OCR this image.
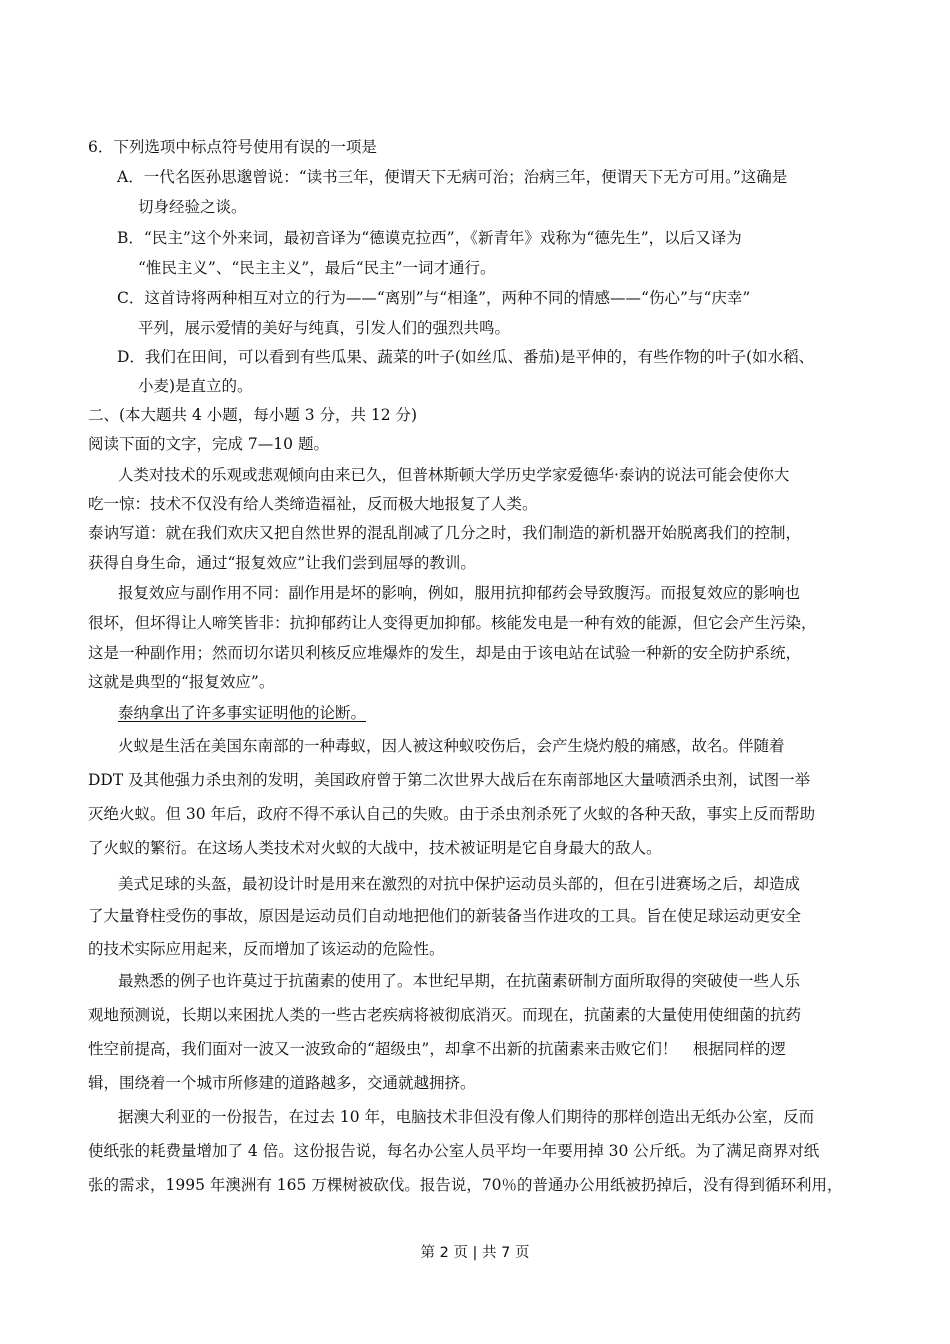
6．下列选项中标点符号使用有误的一项是
A．一代名医孙思邈曾说：“读书三年，便谓天下无病可治；治病三年，便谓天下无方可用。”这确是
切身经验之谈。
B．“民主”这个外来词，最初音译为“德谟克拉西”，《新青年》戏称为“德先生”，以后又译为
“惟民主义”、“民主主义”，最后“民主”一词才通行。
C．这首诗将两种相互对立的行为——“离别”与“相逢”，两种不同的情感——“伤心”与“庆幸”
平列，展示爱情的美好与纯真，引发人们的强烈共鸣。
D．我们在田间，可以看到有些瓜果、蔬菜的叶子(如丝瓜、番茄)是平伸的，有些作物的叶子(如水稻、
小麦)是直立的。
二、(本大题共 4 小题，每小题 3 分，共 12 分)
阅读下面的文字，完成 7—10 题。
人类对技术的乐观或悲观倾向由来已久，但普林斯顿大学历史学家爱德华·泰讷的说法可能会使你大
吃一惊：技术不仅没有给人类缔造福祉，反而极大地报复了人类。
泰讷写道：就在我们欢庆又把自然世界的混乱削减了几分之时，我们制造的新机器开始脱离我们的控制，
获得自身生命，通过“报复效应”让我们尝到屈辱的教训。
报复效应与副作用不同：副作用是坏的影响，例如，服用抗抑郁药会导致腹泻。而报复效应的影响也
很坏，但坏得让人啼笑皆非：抗抑郁药让人变得更加抑郁。核能发电是一种有效的能源，但它会产生污染，
这是一种副作用；然而切尔诺贝利核反应堆爆炸的发生，却是由于该电站在试验一种新的安全防护系统，
这就是典型的“报复效应”。
泰纳拿出了许多事实证明他的论断。
火蚁是生活在美国东南部的一种毒蚁，因人被这种蚁咬伤后，会产生烧灼般的痛感，故名。伴随着
DDT 及其他强力杀虫剂的发明，美国政府曾于第二次世界大战后在东南部地区大量喷洒杀虫剂，试图一举
灭绝火蚁。但 30 年后，政府不得不承认自己的失败。由于杀虫剂杀死了火蚁的各种天敌，事实上反而帮助
了火蚁的繁衍。在这场人类技术对火蚁的大战中，技术被证明是它自身最大的敌人。
美式足球的头盔，最初设计时是用来在激烈的对抗中保护运动员头部的，但在引进赛场之后，却造成
了大量脊柱受伤的事故，原因是运动员们自动地把他们的新装备当作进攻的工具。旨在使足球运动更安全
的技术实际应用起来，反而增加了该运动的危险性。
最熟悉的例子也许莫过于抗菌素的使用了。本世纪早期，在抗菌素研制方面所取得的突破使一些人乐
观地预测说，长期以来困扰人类的一些古老疾病将被彻底消灭。而现在，抗菌素的大量使用使细菌的抗药
性空前提高，我们面对一波又一波致命的“超级虫”，却拿不出新的抗菌素来击败它们！　根据同样的逻
辑，围绕着一个城市所修建的道路越多，交通就越拥挤。
据澳大利亚的一份报告，在过去 10 年，电脑技术非但没有像人们期待的那样创造出无纸办公室，反而
使纸张的耗费量增加了 4 倍。这份报告说，每名办公室人员平均一年要用掉 30 公斤纸。为了满足商界对纸
张的需求，1995 年澳洲有 165 万棵树被砍伐。报告说，70％的普通办公用纸被扔掉后，没有得到循环利用，
第 2 页 | 共 7 页
